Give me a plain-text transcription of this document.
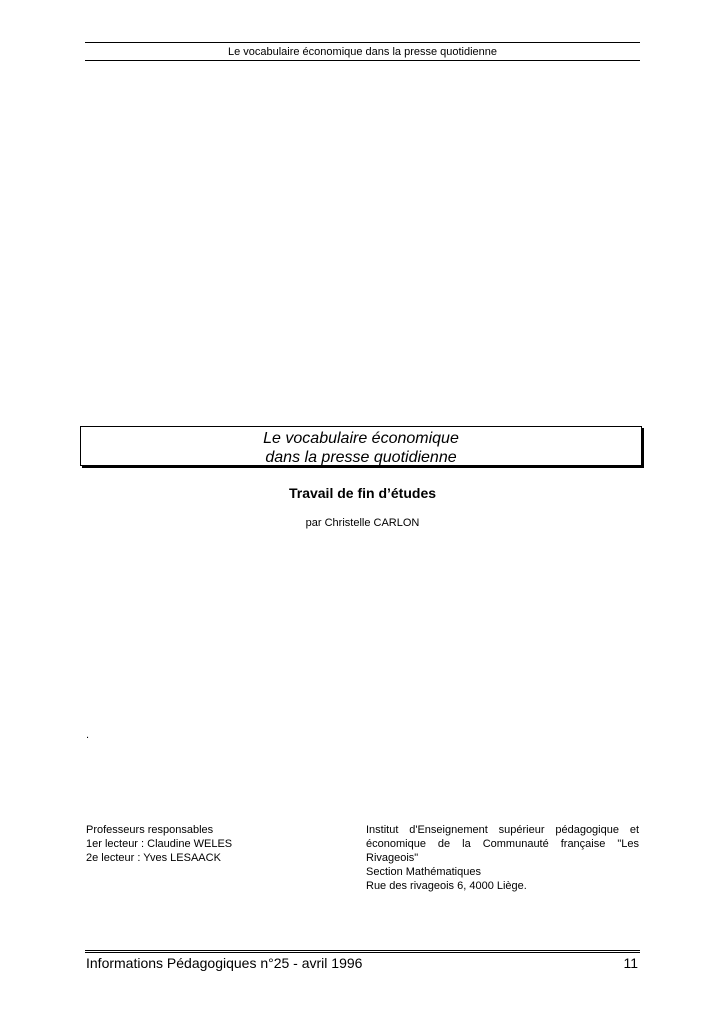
Le vocabulaire économique dans la presse quotidienne
Le vocabulaire économique
dans la presse quotidienne
Travail de fin d’études
par Christelle CARLON
.
Professeurs responsables
1er lecteur : Claudine WELES
2e lecteur : Yves LESAACK
Institut d'Enseignement supérieur pédagogique et économique de la Communauté française "Les Rivageois"
Section Mathématiques
Rue des rivageois 6, 4000 Liège.
Informations Pédagogiques n°25 - avril 1996	11
